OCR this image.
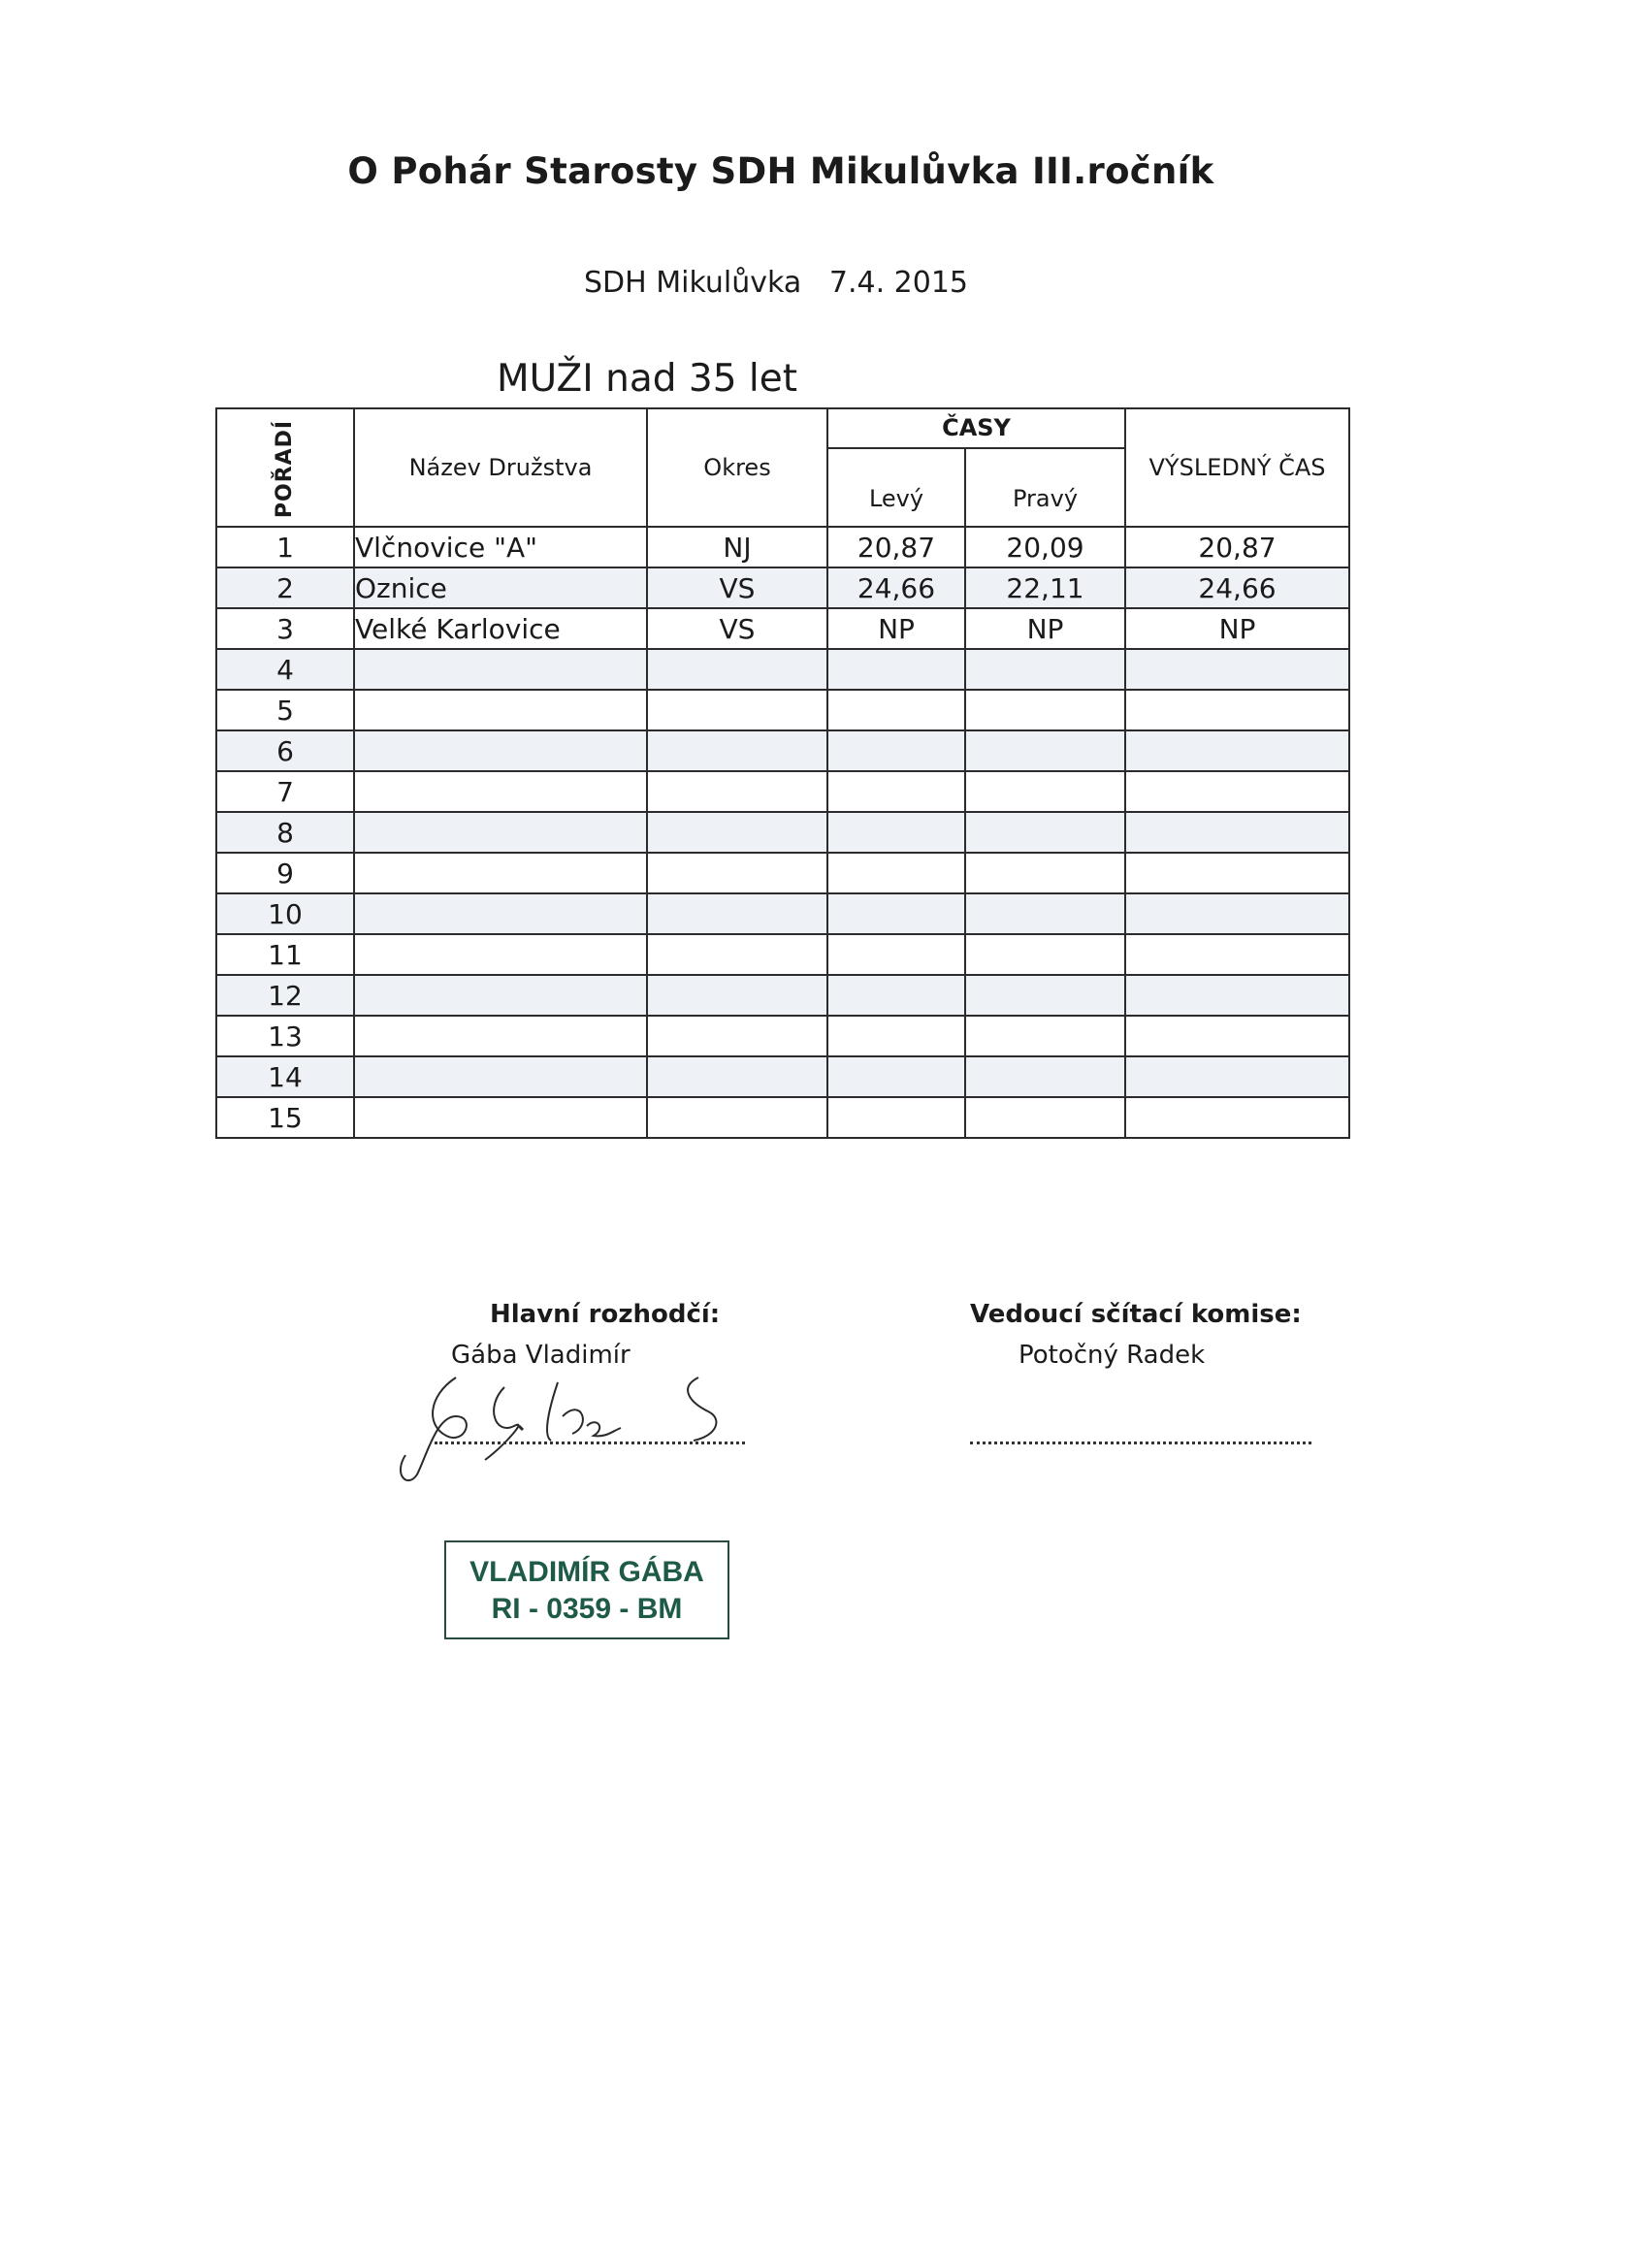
O Pohár Starosty SDH Mikulůvka III.ročník
SDH Mikulůvka   7.4. 2015
MUŽI nad 35 let
POŘADÍ	Název Družstva	Okres	ČASY		VÝSLEDNÝ ČAS

			Levý	Pravý	

1	Vlčnovice "A"	NJ	20,87	20,09	20,87
2	Oznice	VS	24,66	22,11	24,66
3	Velké Karlovice	VS	NP	NP	NP
4					
5					
6					
7					
8					
9					
10					
11					
12					
13					
14					
15					
Hlavní rozhodčí:
Gába Vladimír
Vedoucí sčítací komise:
Potočný Radek
VLADIMÍR GÁBA
RI - 0359 - BM
